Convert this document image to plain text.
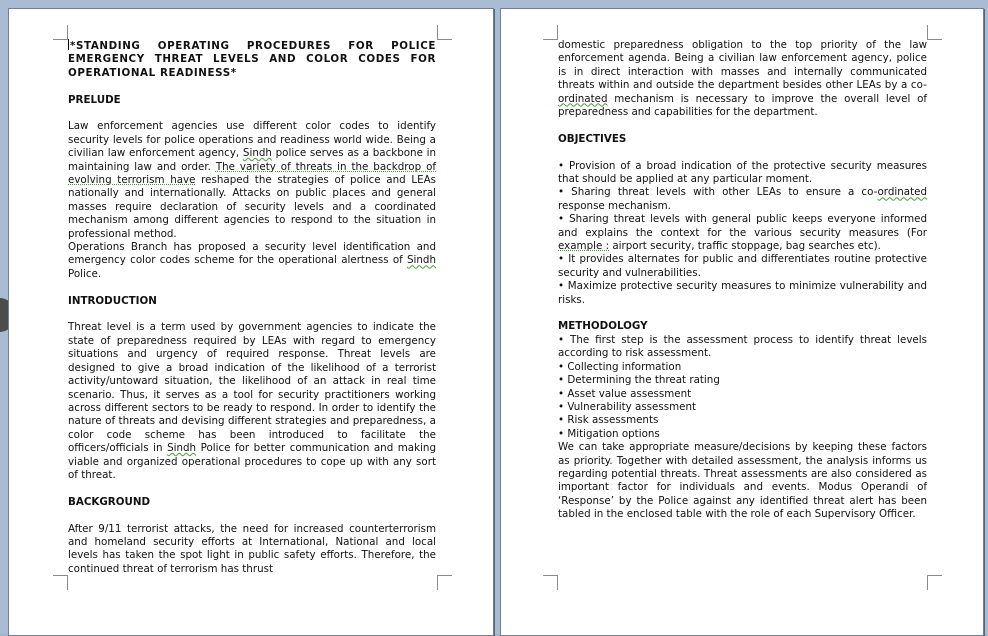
*STANDING OPERATING PROCEDURES FOR POLICE EMERGENCY THREAT LEVELS AND COLOR CODES FOR OPERATIONAL READINESS*

PRELUDE

Law enforcement agencies use different color codes to identify security levels for police operations and readiness world wide. Being a civilian law enforcement agency, Sindh police serves as a backbone in maintaining law and order. The variety of threats in the backdrop of evolving terrorism have reshaped the strategies of police and LEAs nationally and internationally. Attacks on public places and general masses require declaration of security levels and a coordinated mechanism among different agencies to respond to the situation in professional method.

Operations Branch has proposed a security level identification and emergency color codes scheme for the operational alertness of Sindh Police.

INTRODUCTION

Threat level is a term used by government agencies to indicate the state of preparedness required by LEAs with regard to emergency situations and urgency of required response. Threat levels are designed to give a broad indication of the likelihood of a terrorist activity/untoward situation, the likelihood of an attack in real time scenario. Thus, it serves as a tool for security practitioners working across different sectors to be ready to respond. In order to identify the nature of threats and devising different strategies and preparedness, a color code scheme has been introduced to facilitate the officers/officials in Sindh Police for better communication and making viable and organized operational procedures to cope up with any sort of threat.

BACKGROUND

After 9/11 terrorist attacks, the need for increased counterterrorism and homeland security efforts at International, National and local levels has taken the spot light in public safety efforts. Therefore, the continued threat of terrorism has thrust

domestic preparedness obligation to the top priority of the law enforcement agenda. Being a civilian law enforcement agency, police is in direct interaction with masses and internally communicated threats within and outside the department besides other LEAs by a co-ordinated mechanism is necessary to improve the overall level of preparedness and capabilities for the department.

OBJECTIVES

• Provision of a broad indication of the protective security measures that should be applied at any particular moment.

• Sharing threat levels with other LEAs to ensure a co-ordinated response mechanism.

• Sharing threat levels with general public keeps everyone informed and explains the context for the various security measures (For example : airport security, traffic stoppage, bag searches etc).

• It provides alternates for public and differentiates routine protective security and vulnerabilities.

• Maximize protective security measures to minimize vulnerability and risks.

METHODOLOGY

• The first step is the assessment process to identify threat levels according to risk assessment.

• Collecting information

• Determining the threat rating

• Asset value assessment

• Vulnerability assessment

• Risk assessments

• Mitigation options

We can take appropriate measure/decisions by keeping these factors as priority. Together with detailed assessment, the analysis informs us regarding potential threats. Threat assessments are also considered as important factor for individuals and events. Modus Operandi of ‘Response’ by the Police against any identified threat alert has been tabled in the enclosed table with the role of each Supervisory Officer.
